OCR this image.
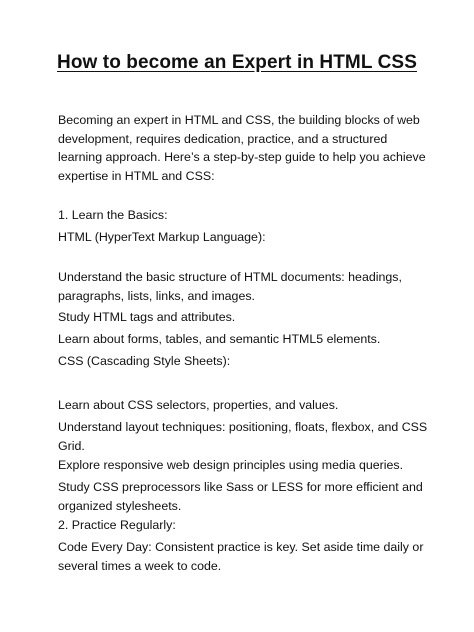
How to become an Expert in HTML CSS
Becoming an expert in HTML and CSS, the building blocks of web
development, requires dedication, practice, and a structured
learning approach. Here’s a step-by-step guide to help you achieve
expertise in HTML and CSS:
1. Learn the Basics:
HTML (HyperText Markup Language):
Understand the basic structure of HTML documents: headings,
paragraphs, lists, links, and images.
Study HTML tags and attributes.
Learn about forms, tables, and semantic HTML5 elements.
CSS (Cascading Style Sheets):
Learn about CSS selectors, properties, and values.
Understand layout techniques: positioning, floats, flexbox, and CSS
Grid.
Explore responsive web design principles using media queries.
Study CSS preprocessors like Sass or LESS for more efficient and
organized stylesheets.
2. Practice Regularly:
Code Every Day: Consistent practice is key. Set aside time daily or
several times a week to code.
